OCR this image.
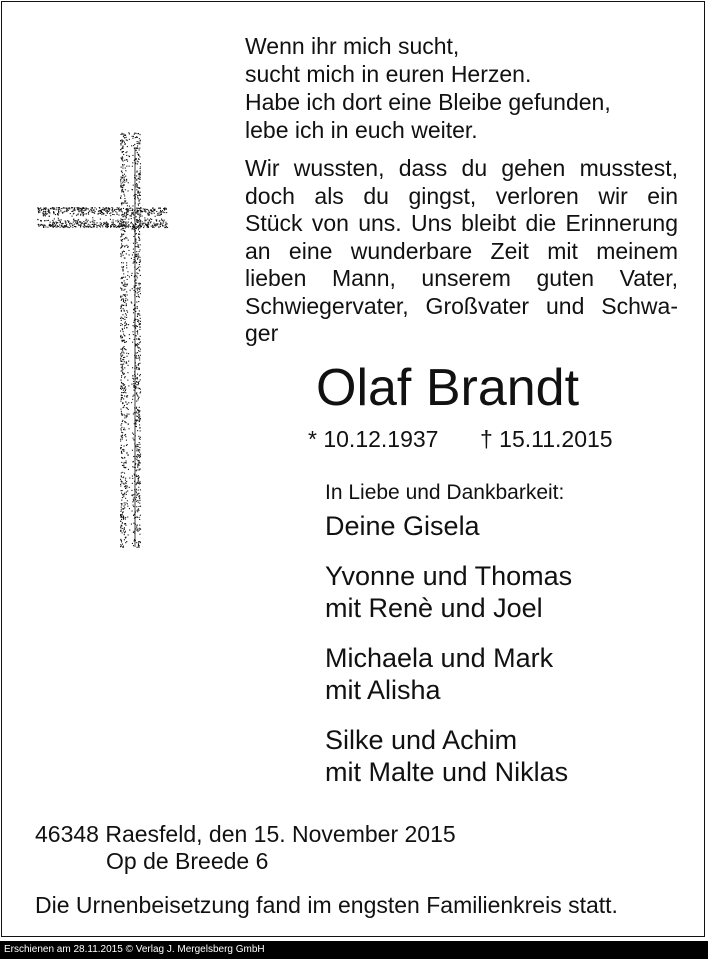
Wenn ihr mich sucht,
sucht mich in euren Herzen.
Habe ich dort eine Bleibe gefunden,
lebe ich in euch weiter.
Wir wussten, dass du gehen musstest,
doch als du gingst, verloren wir ein
Stück von uns. Uns bleibt die Erinnerung
an eine wunderbare Zeit mit meinem
lieben Mann, unserem guten Vater,
Schwiegervater, Großvater und Schwa-
ger
Olaf Brandt
* 10.12.1937 † 15.11.2015
In Liebe und Dankbarkeit:
Deine Gisela
Yvonne und Thomas
mit Renè und Joel
Michaela und Mark
mit Alisha
Silke und Achim
mit Malte und Niklas
46348 Raesfeld, den 15. November 2015
Op de Breede 6
Die Urnenbeisetzung fand im engsten Familienkreis statt.
Erschienen am 28.11.2015 © Verlag J. Mergelsberg GmbH
